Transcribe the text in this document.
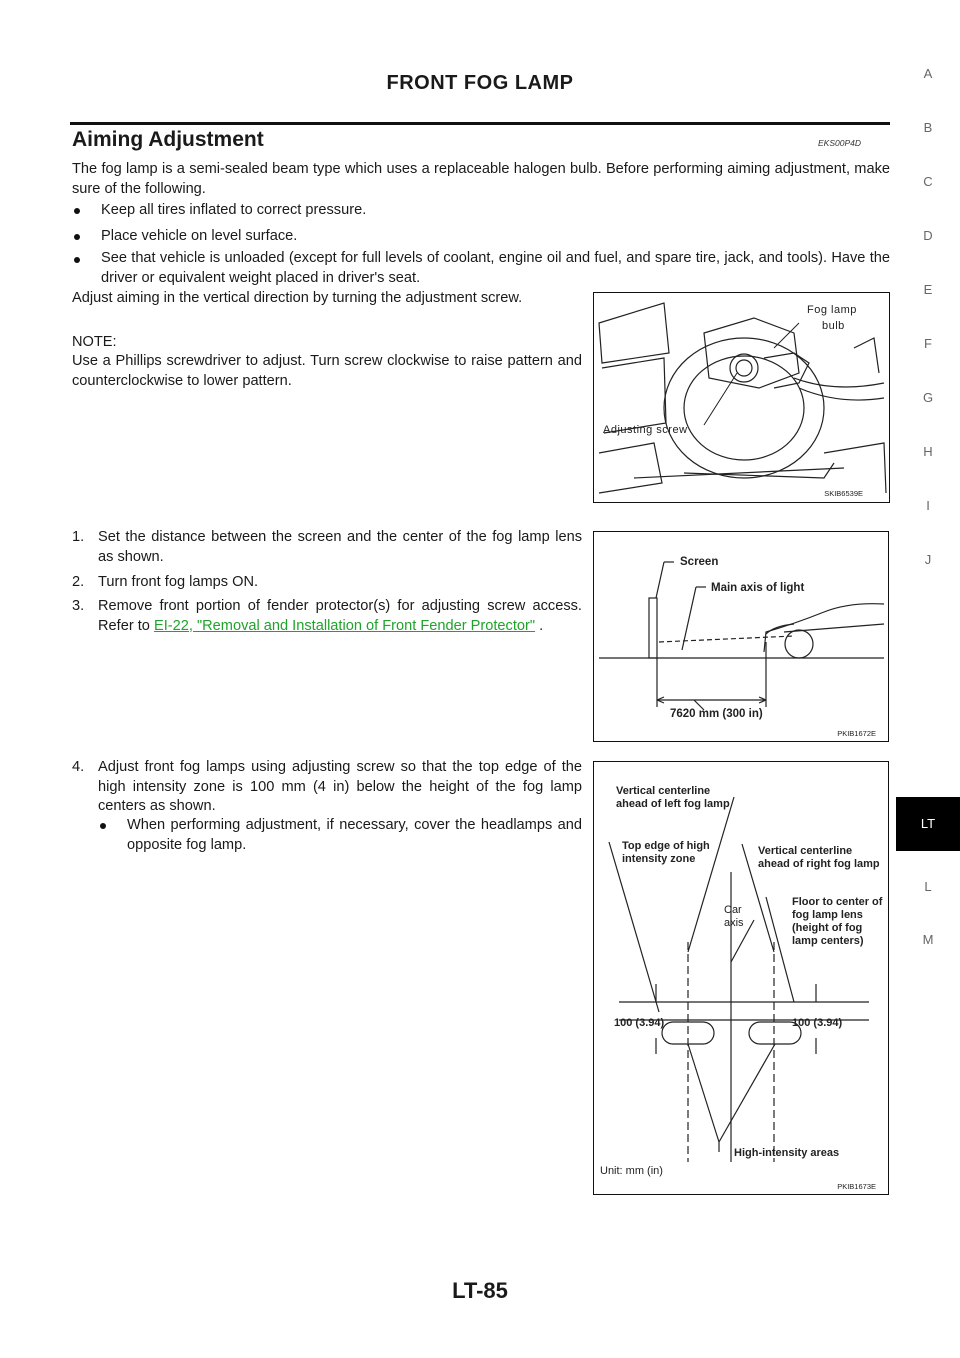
FRONT FOG LAMP
Aiming Adjustment	EKS00P4D

The fog lamp is a semi-sealed beam type which uses a replaceable halogen bulb. Before performing aiming adjustment, make sure of the following.

Keep all tires inflated to correct pressure.
Place vehicle on level surface.
See that vehicle is unloaded (except for full levels of coolant, engine oil and fuel, and spare tire, jack, and tools). Have the driver or equivalent weight placed in driver's seat.

Adjust aiming in the vertical direction by turning the adjustment screw.

NOTE:

Use a Phillips screwdriver to adjust. Turn screw clockwise to raise pattern and counterclockwise to lower pattern.

Fog lamp
bulb
Adjusting screw
SKIB6539E
1. Set the distance between the screen and the center of the fog lamp lens as shown.

2. Turn front fog lamps ON.

3. Remove front portion of fender protector(s) for adjusting screw access. Refer to EI-22, "Removal and Installation of Front Fender Protector" .

Screen
Main axis of light
7620 mm (300 in)
PKIB1672E
4. Adjust front fog lamps using adjusting screw so that the top edge of the high intensity zone is 100 mm (4 in) below the height of the fog lamp centers as shown.

When performing adjustment, if necessary, cover the headlamps and opposite fog lamp.

Vertical centerline
ahead of left fog lamp
Top edge of high
intensity zone
Vertical centerline
ahead of right fog lamp
Car
axis
Floor to center of
fog lamp lens
(height of fog
lamp centers)
100 (3.94)	100 (3.94)
High-intensity areas
Unit: mm (in)
PKIB1673E
A
B
C
D
E
F
G
H
I
J
LT
L
M
LT-85
